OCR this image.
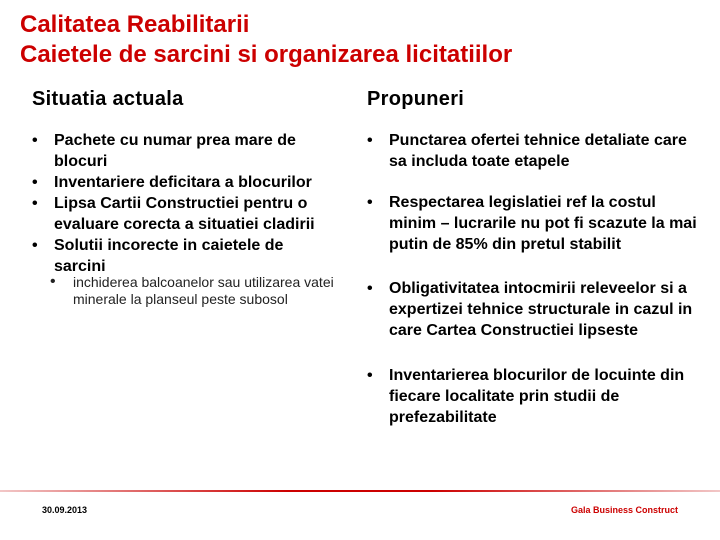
Calitatea Reabilitarii
Caietele de sarcini si organizarea licitatiilor
Situatia actuala	Propuneri
• Pachete cu numar prea mare de blocuri
• Inventariere deficitara a blocurilor
• Lipsa Cartii Constructiei pentru o evaluare corecta a situatiei cladirii
• Solutii incorecte in caietele de sarcini
• inchiderea balcoanelor sau utilizarea vatei minerale la planseul peste subosol
• Punctarea ofertei tehnice detaliate care sa includa toate etapele
• Respectarea legislatiei ref la costul minim – lucrarile nu pot fi scazute la mai putin de 85% din pretul stabilit
• Obligativitatea intocmirii releveelor si a expertizei tehnice structurale in cazul in care Cartea Constructiei lipseste
• Inventarierea blocurilor de locuinte din fiecare localitate prin studii de prefezabilitate
30.09.2013	Gala Business Construct
